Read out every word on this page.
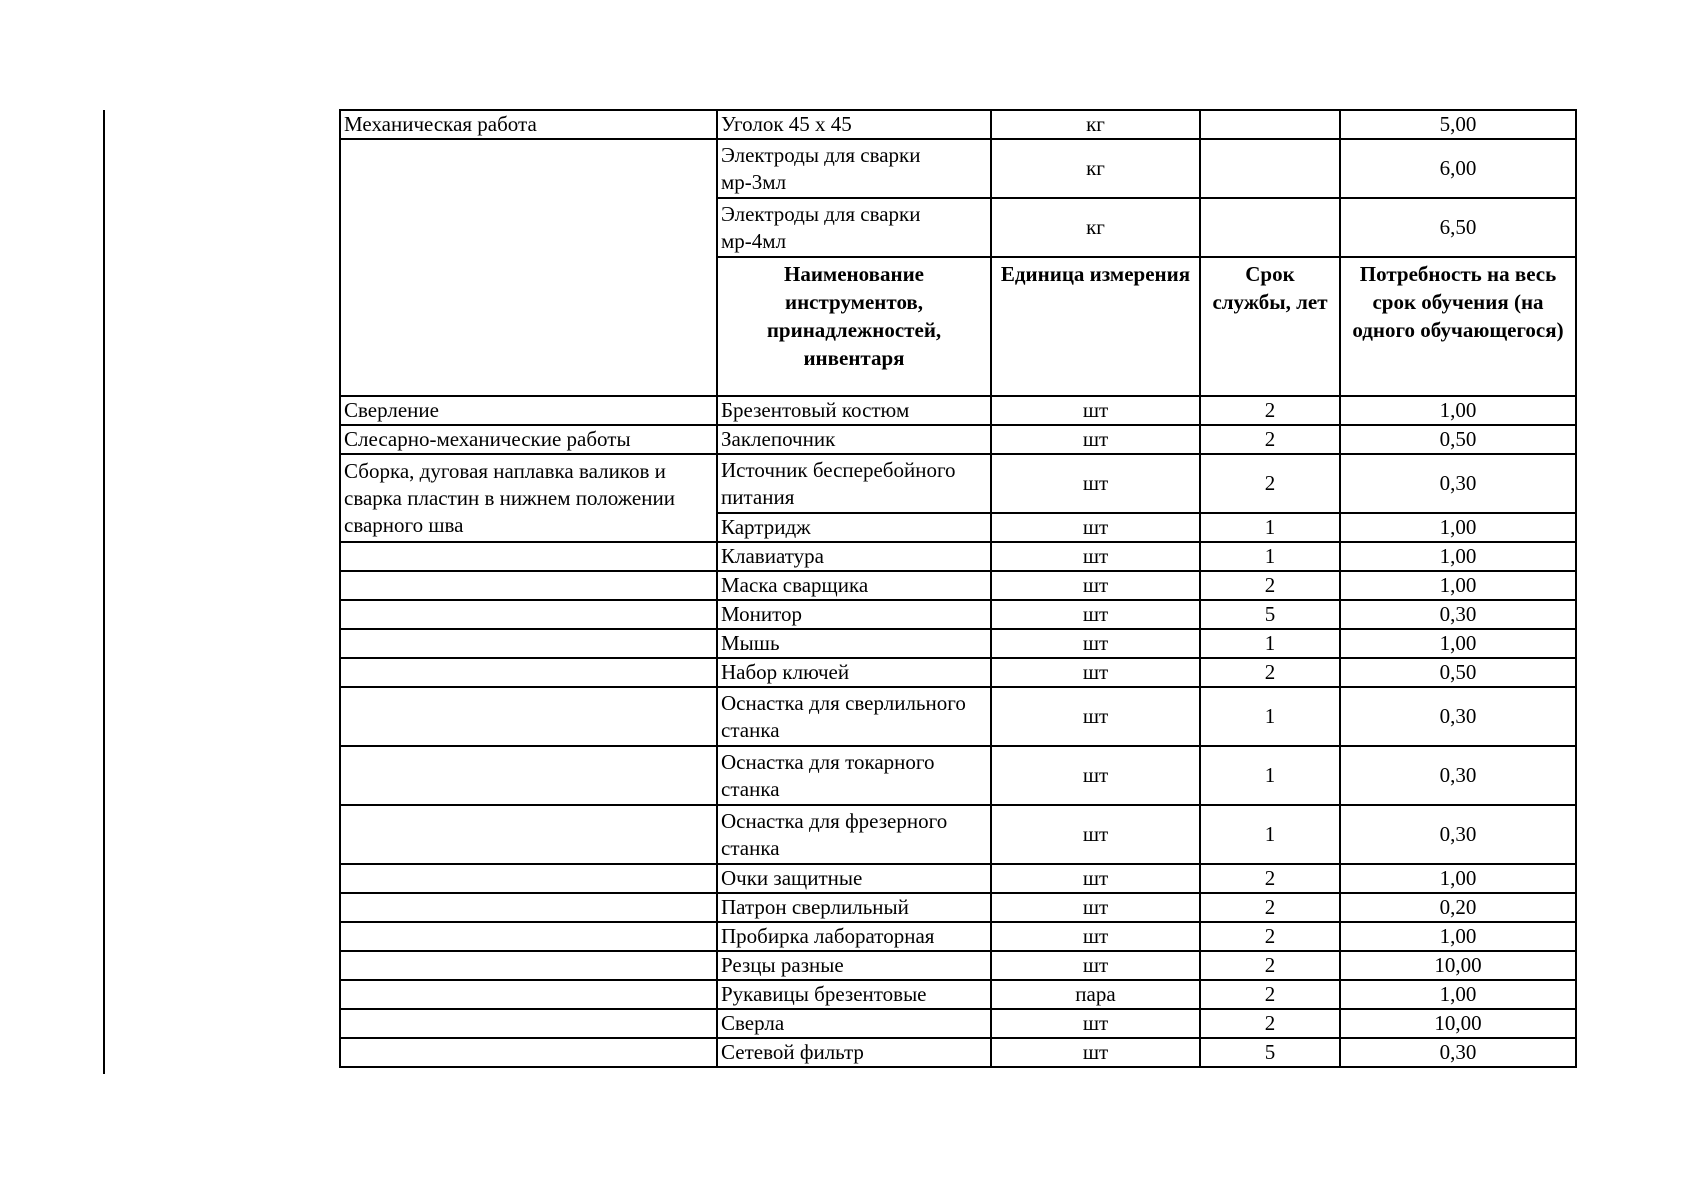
Механическая работа	Уголок 45 х 45	кг		5,00
	Электроды для сварки мр-3мл	кг		6,00
	Электроды для сварки мр-4мл	кг		6,50
	Наименование инструментов, принадлежностей, инвентаря	Единица измерения	Срок службы, лет	Потребность на весь срок обучения (на одного обучающегося)
Сверление	Брезентовый костюм	шт	2	1,00
Слесарно-механические работы	Заклепочник	шт	2	0,50
Сборка, дуговая наплавка валиков и сварка пластин в нижнем положении сварного шва	Источник бесперебойного питания	шт	2	0,30
	Картридж	шт	1	1,00
	Клавиатура	шт	1	1,00
	Маска сварщика	шт	2	1,00
	Монитор	шт	5	0,30
	Мышь	шт	1	1,00
	Набор ключей	шт	2	0,50
	Оснастка для сверлильного станка	шт	1	0,30
	Оснастка для токарного станка	шт	1	0,30
	Оснастка для фрезерного станка	шт	1	0,30
	Очки защитные	шт	2	1,00
	Патрон сверлильный	шт	2	0,20
	Пробирка лабораторная	шт	2	1,00
	Резцы разные	шт	2	10,00
	Рукавицы брезентовые	пара	2	1,00
	Сверла	шт	2	10,00
	Сетевой фильтр	шт	5	0,30
